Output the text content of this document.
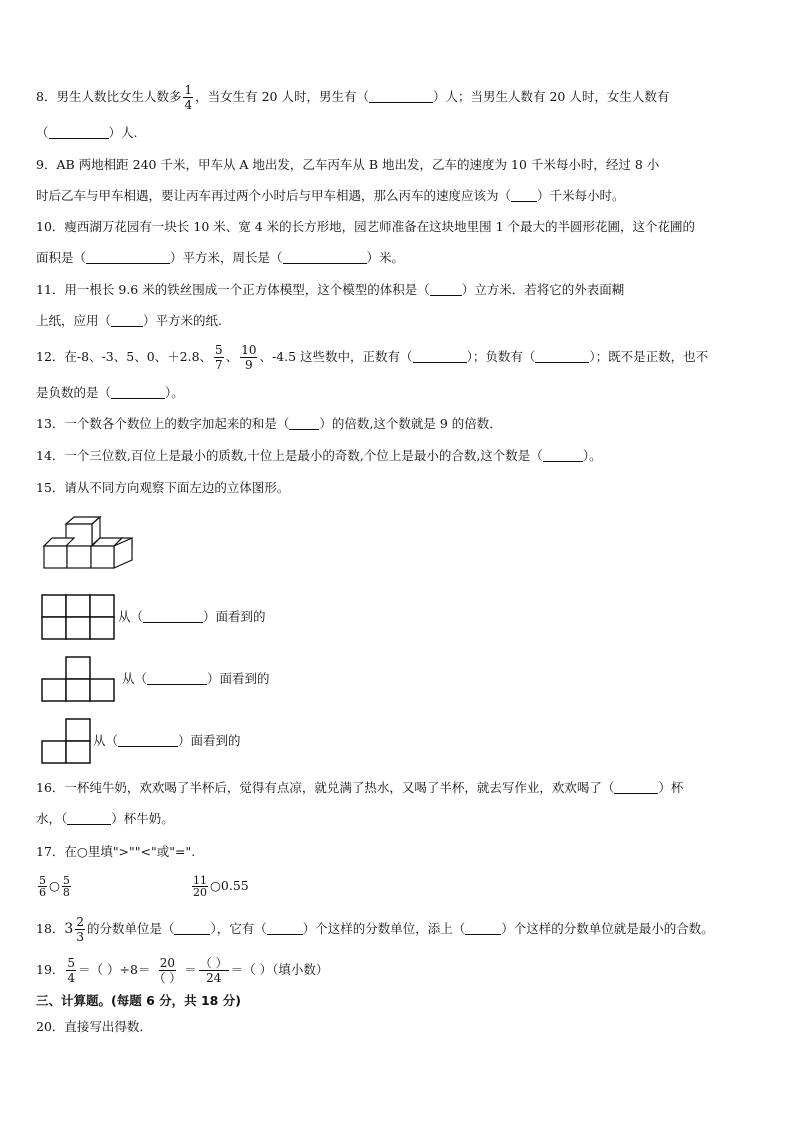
8．男生人数比女生人数多 $\frac{1}{4}$ ，当女生有 20 人时，男生有（	）人；当男生人数有 20 人时，女生人数有
（	）人.
9．AB 两地相距 240 千米，甲车从 A 地出发，乙车丙车从 B 地出发，乙车的速度为 10 千米每小时，经过 8 小
时后乙车与甲车相遇，要让丙车再过两个小时后与甲车相遇，那么丙车的速度应该为（ ）千米每小时。
10．瘦西湖万花园有一块长 10 米、宽 4 米的长方形地，园艺师准备在这块地里围 1 个最大的半圆形花圃，这个花圃的
面积是（	）平方米，周长是（	）米。
11．用一根长 9.6 米的铁丝围成一个正方体模型，这个模型的体积是（	）立方米．若将它的外表面糊
上纸，应用（	）平方米的纸.
12．在-8、-3、5、0、＋2.8、 $\frac{5}{7}$ 、 $\frac{10}{9}$ 、-4.5 这些数中，正数有（	）；负数有（	）；既不是正数，也不
是负数的是（	）。
13．一个数各个数位上的数字加起来的和是（ ）的倍数,这个数就是 9 的倍数．
14．一个三位数,百位上是最小的质数,十位上是最小的奇数,个位上是最小的合数,这个数是（	）。
15．请从不同方向观察下面左边的立体图形。
从（	）面看到的
从（	）面看到的
从（	）面看到的
16．一杯纯牛奶，欢欢喝了半杯后，觉得有点凉，就兑满了热水，又喝了半杯，就去写作业，欢欢喝了（	）杯
水，（	）杯牛奶。
17．在○里填">""<"或"=".
$\frac{5}{6}$ ○ $\frac{5}{8}$	$\frac{11}{20}$ ○0.55
18．$3 \frac{2}{3}$ 的分数单位是（	），它有（	）个这样的分数单位，添上（	）个这样的分数单位就是最小的合数。
19． $\frac{5}{4}$ ＝（ ）$\div 8= \frac{20}{( )} = \frac{( )}{24}$ ＝（ ）（填小数）
三、计算题。(每题 6 分，共 18 分)
20．直接写出得数．
